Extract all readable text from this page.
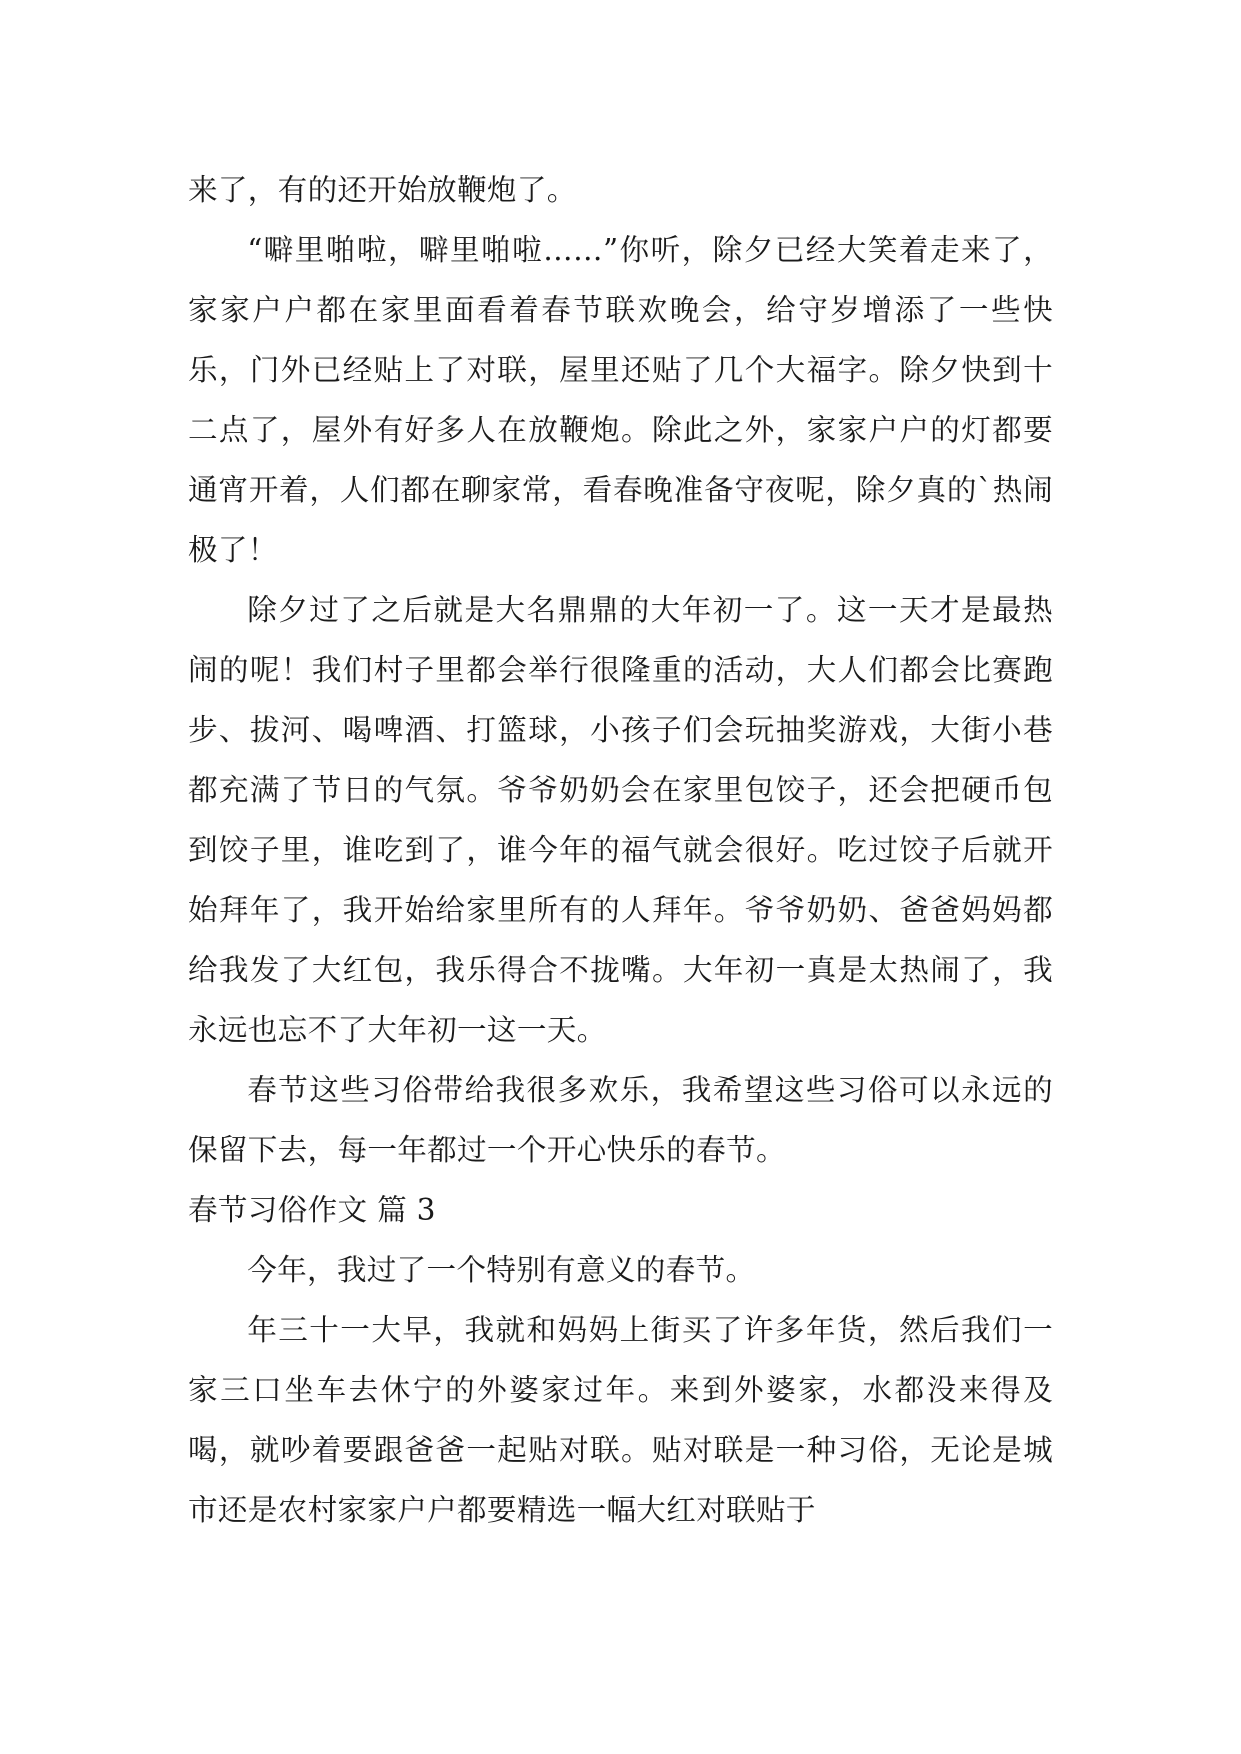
来了，有的还开始放鞭炮了。

“噼里啪啦，噼里啪啦……”你听，除夕已经大笑着走来了，家家户户都在家里面看着春节联欢晚会，给守岁增添了一些快乐，门外已经贴上了对联，屋里还贴了几个大福字。除夕快到十二点了，屋外有好多人在放鞭炮。除此之外，家家户户的灯都要通宵开着，人们都在聊家常，看春晚准备守夜呢，除夕真的`热闹极了！

除夕过了之后就是大名鼎鼎的大年初一了。这一天才是最热闹的呢！我们村子里都会举行很隆重的活动，大人们都会比赛跑步、拔河、喝啤酒、打篮球，小孩子们会玩抽奖游戏，大街小巷都充满了节日的气氛。爷爷奶奶会在家里包饺子，还会把硬币包到饺子里，谁吃到了，谁今年的福气就会很好。吃过饺子后就开始拜年了，我开始给家里所有的人拜年。爷爷奶奶、爸爸妈妈都给我发了大红包，我乐得合不拢嘴。大年初一真是太热闹了，我永远也忘不了大年初一这一天。

春节这些习俗带给我很多欢乐，我希望这些习俗可以永远的保留下去，每一年都过一个开心快乐的春节。

春节习俗作文 篇 3

今年，我过了一个特别有意义的春节。

年三十一大早，我就和妈妈上街买了许多年货，然后我们一家三口坐车去休宁的外婆家过年。来到外婆家，水都没来得及喝，就吵着要跟爸爸一起贴对联。贴对联是一种习俗，无论是城市还是农村家家户户都要精选一幅大红对联贴于
